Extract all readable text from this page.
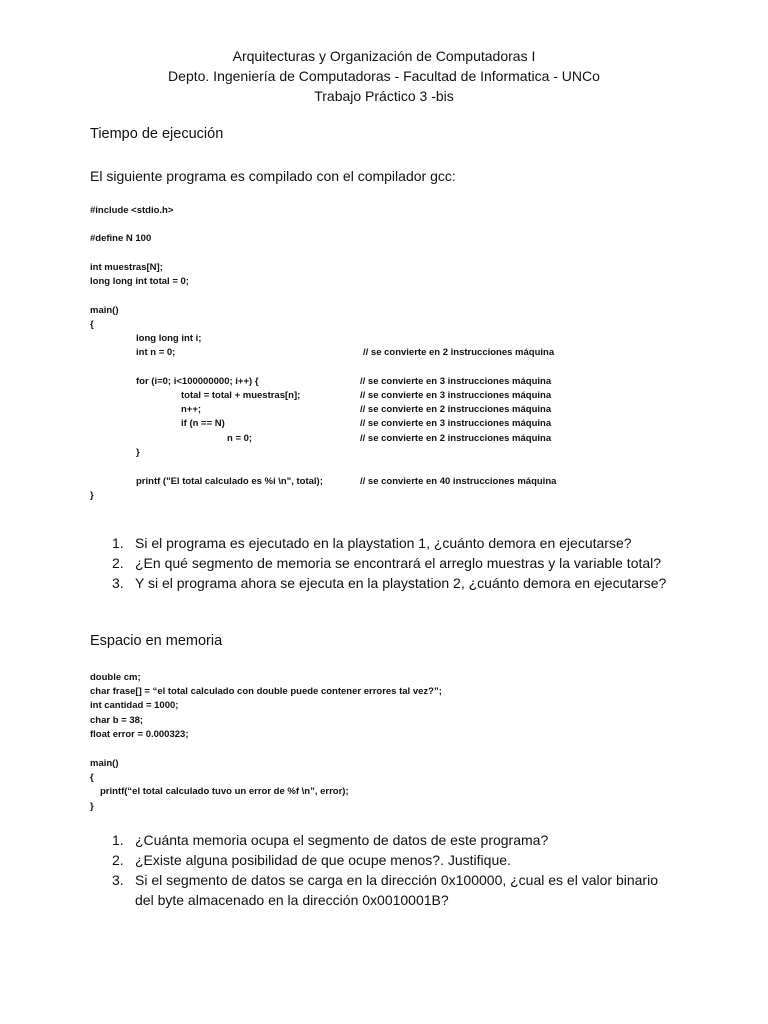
Arquitecturas y Organización de Computadoras I
Depto. Ingeniería de Computadoras - Facultad de Informatica - UNCo
Trabajo Práctico 3 -bis
Tiempo de ejecución
El siguiente programa es compilado con el compilador gcc:
#include <stdio.h>
#define N 100
int muestras[N];
long long int total = 0;
main()
{
long long int i;
int n = 0;	// se convierte en 2 instrucciones máquina
for (i=0; i<100000000; i++) {	// se convierte en 3 instrucciones máquina
total = total + muestras[n];	// se convierte en 3 instrucciones máquina
n++;	// se convierte en 2 instrucciones máquina
if (n == N)	// se convierte en 3 instrucciones máquina
n = 0;	// se convierte en 2 instrucciones máquina
}
printf ("El total calculado es %i \n", total);	// se convierte en 40 instrucciones máquina
}
1. Si el programa es ejecutado en la playstation 1, ¿cuánto demora en ejecutarse?
2. ¿En qué segmento de memoria se encontrará el arreglo muestras y la variable total?
3. Y si el programa ahora se ejecuta en la playstation 2, ¿cuánto demora en ejecutarse?
Espacio en memoria
double cm;
char frase[] = “el total calculado con double puede contener errores tal vez?”;
int cantidad = 1000;
char b = 38;
float error = 0.000323;
main()
{
printf(“el total calculado tuvo un error de %f \n”, error);
}
1. ¿Cuánta memoria ocupa el segmento de datos de este programa?
2. ¿Existe alguna posibilidad de que ocupe menos?. Justifique.
3. Si el segmento de datos se carga en la dirección 0x100000, ¿cual es el valor binario del byte almacenado en la dirección 0x0010001B?
